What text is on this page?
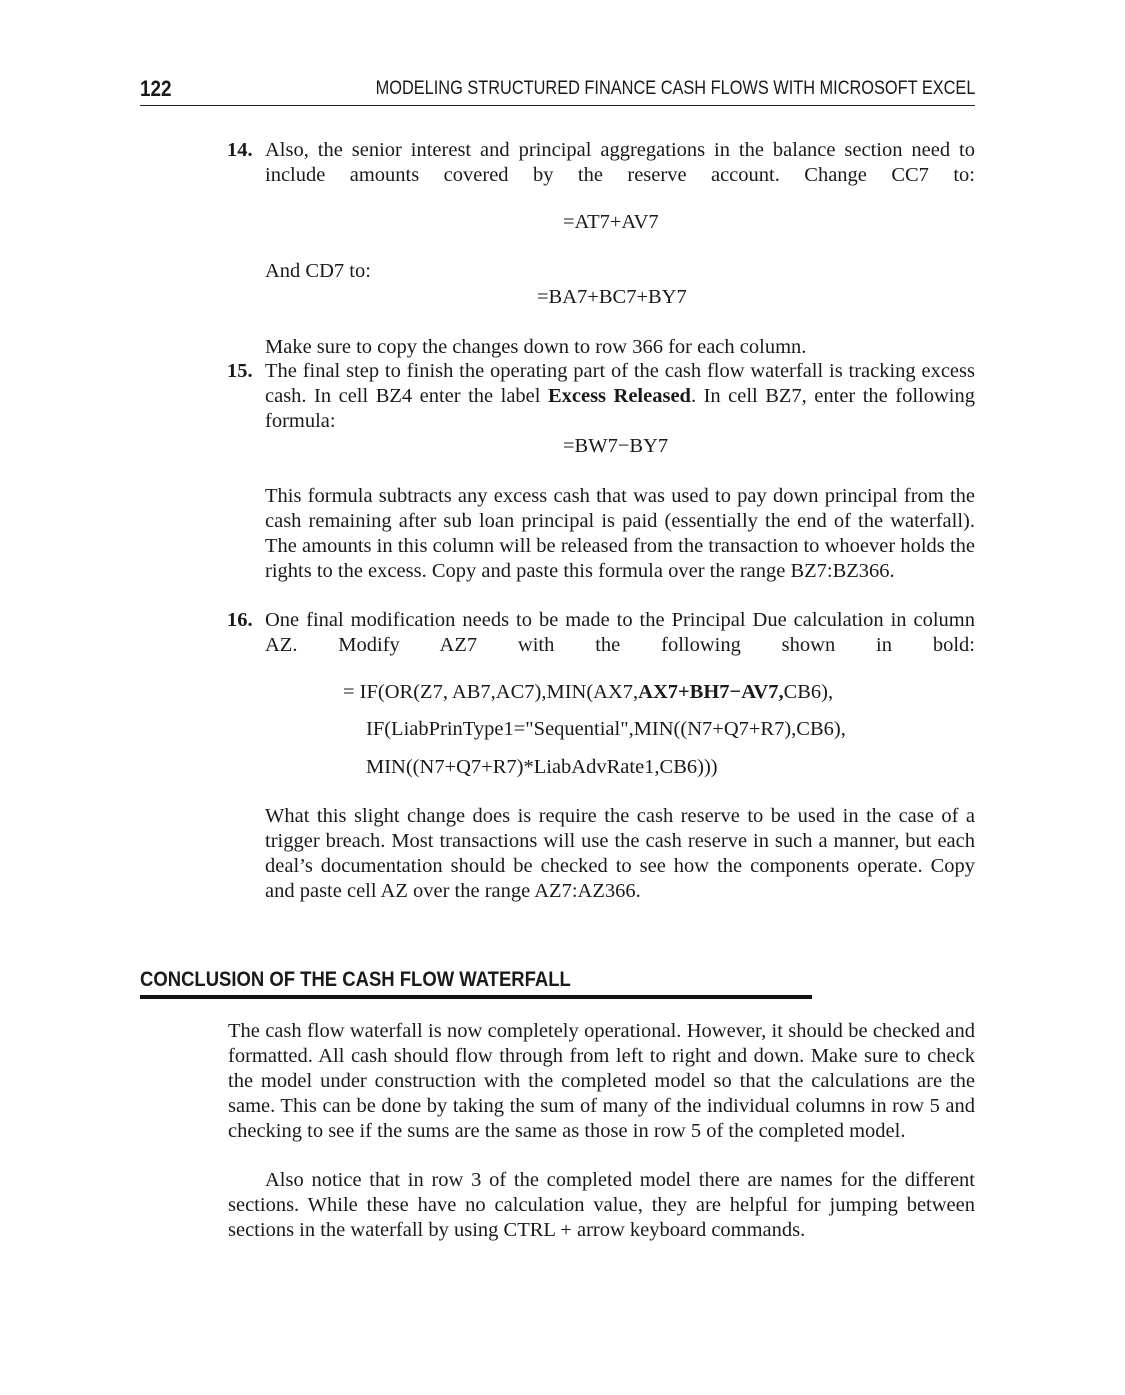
122	MODELING STRUCTURED FINANCE CASH FLOWS WITH MICROSOFT EXCEL
14. Also, the senior interest and principal aggregations in the balance section need to include amounts covered by the reserve account. Change CC7 to:
=AT7+AV7
And CD7 to:
=BA7+BC7+BY7
Make sure to copy the changes down to row 366 for each column.
15. The final step to finish the operating part of the cash flow waterfall is tracking excess cash. In cell BZ4 enter the label Excess Released. In cell BZ7, enter the following formula:
=BW7−BY7
This formula subtracts any excess cash that was used to pay down principal from the cash remaining after sub loan principal is paid (essentially the end of the waterfall). The amounts in this column will be released from the transaction to whoever holds the rights to the excess. Copy and paste this formula over the range BZ7:BZ366.
16. One final modification needs to be made to the Principal Due calculation in column AZ. Modify AZ7 with the following shown in bold:
= IF(OR(Z7, AB7,AC7),MIN(AX7,AX7+BH7−AV7,CB6),
IF(LiabPrinType1="Sequential",MIN((N7+Q7+R7),CB6),
MIN((N7+Q7+R7)*LiabAdvRate1,CB6)))
What this slight change does is require the cash reserve to be used in the case of a trigger breach. Most transactions will use the cash reserve in such a manner, but each deal’s documentation should be checked to see how the components operate. Copy and paste cell AZ over the range AZ7:AZ366.
CONCLUSION OF THE CASH FLOW WATERFALL
The cash flow waterfall is now completely operational. However, it should be checked and formatted. All cash should flow through from left to right and down. Make sure to check the model under construction with the completed model so that the calculations are the same. This can be done by taking the sum of many of the individual columns in row 5 and checking to see if the sums are the same as those in row 5 of the completed model.
Also notice that in row 3 of the completed model there are names for the different sections. While these have no calculation value, they are helpful for jumping between sections in the waterfall by using CTRL + arrow keyboard commands.
